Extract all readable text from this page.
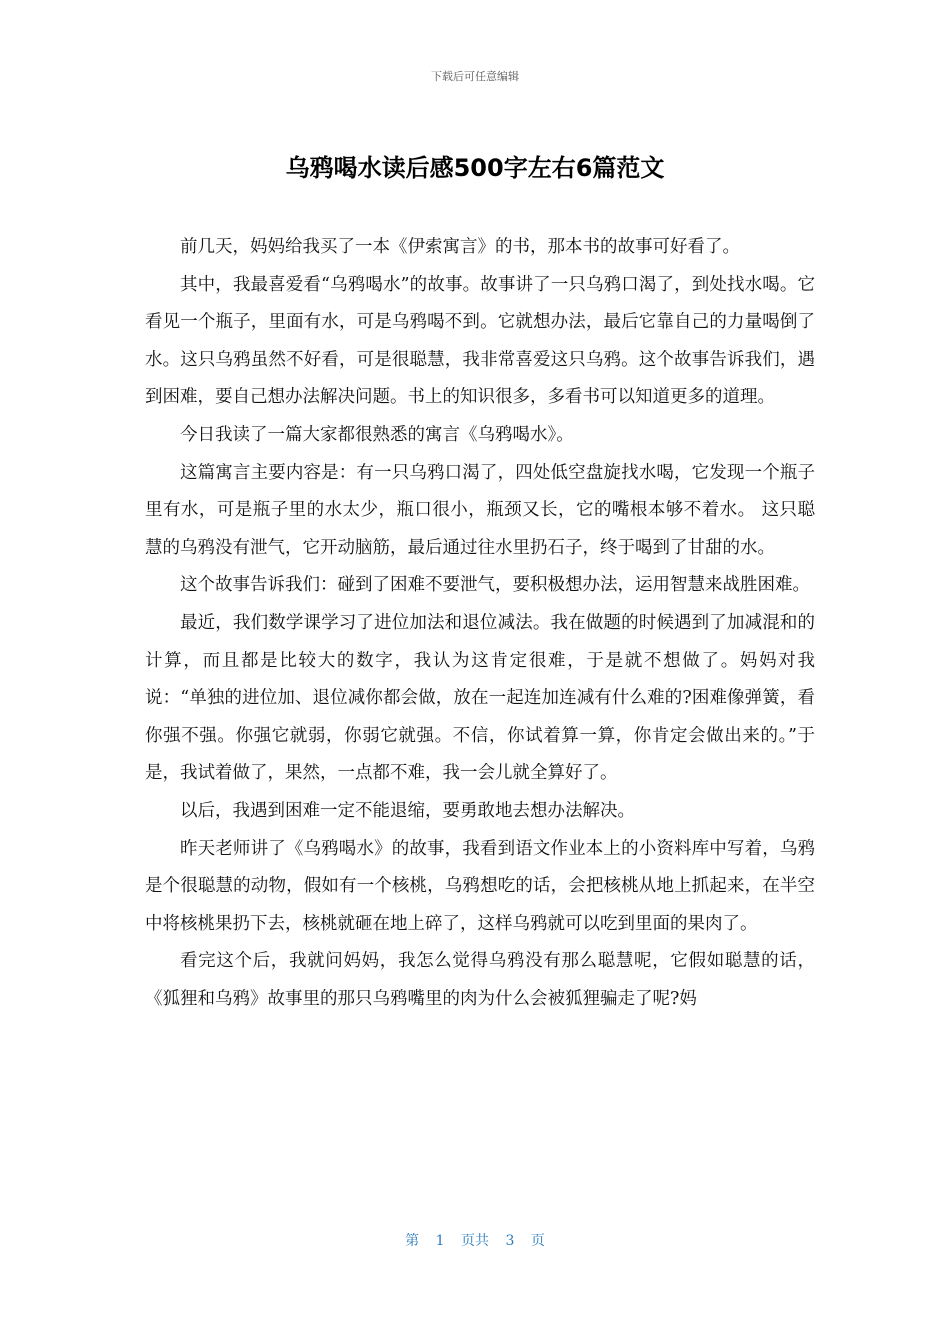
下载后可任意编辑
乌鸦喝水读后感500字左右6篇范文

前几天，妈妈给我买了一本《伊索寓言》的书，那本书的故事可好看了。

其中，我最喜爱看“乌鸦喝水”的故事。故事讲了一只乌鸦口渴了，到处找水喝。它看见一个瓶子，里面有水，可是乌鸦喝不到。它就想办法，最后它靠自己的力量喝倒了水。这只乌鸦虽然不好看，可是很聪慧，我非常喜爱这只乌鸦。这个故事告诉我们，遇到困难，要自己想办法解决问题。书上的知识很多，多看书可以知道更多的道理。

今日我读了一篇大家都很熟悉的寓言《乌鸦喝水》。

这篇寓言主要内容是：有一只乌鸦口渴了，四处低空盘旋找水喝，它发现一个瓶子里有水，可是瓶子里的水太少，瓶口很小，瓶颈又长，它的嘴根本够不着水。 这只聪慧的乌鸦没有泄气，它开动脑筋，最后通过往水里扔石子，终于喝到了甘甜的水。

这个故事告诉我们：碰到了困难不要泄气，要积极想办法，运用智慧来战胜困难。

最近，我们数学课学习了进位加法和退位减法。我在做题的时候遇到了加减混和的计算，而且都是比较大的数字，我认为这肯定很难，于是就不想做了。妈妈对我说：“单独的进位加、退位减你都会做，放在一起连加连减有什么难的?困难像弹簧，看你强不强。你强它就弱，你弱它就强。不信，你试着算一算，你肯定会做出来的。”于是，我试着做了，果然，一点都不难，我一会儿就全算好了。

以后，我遇到困难一定不能退缩，要勇敢地去想办法解决。

昨天老师讲了《乌鸦喝水》的故事，我看到语文作业本上的小资料库中写着，乌鸦是个很聪慧的动物，假如有一个核桃，乌鸦想吃的话，会把核桃从地上抓起来，在半空中将核桃果扔下去，核桃就砸在地上碎了，这样乌鸦就可以吃到里面的果肉了。

看完这个后，我就问妈妈，我怎么觉得乌鸦没有那么聪慧呢，它假如聪慧的话，《狐狸和乌鸦》故事里的那只乌鸦嘴里的肉为什么会被狐狸骗走了呢?妈

第 1 页共 3 页
